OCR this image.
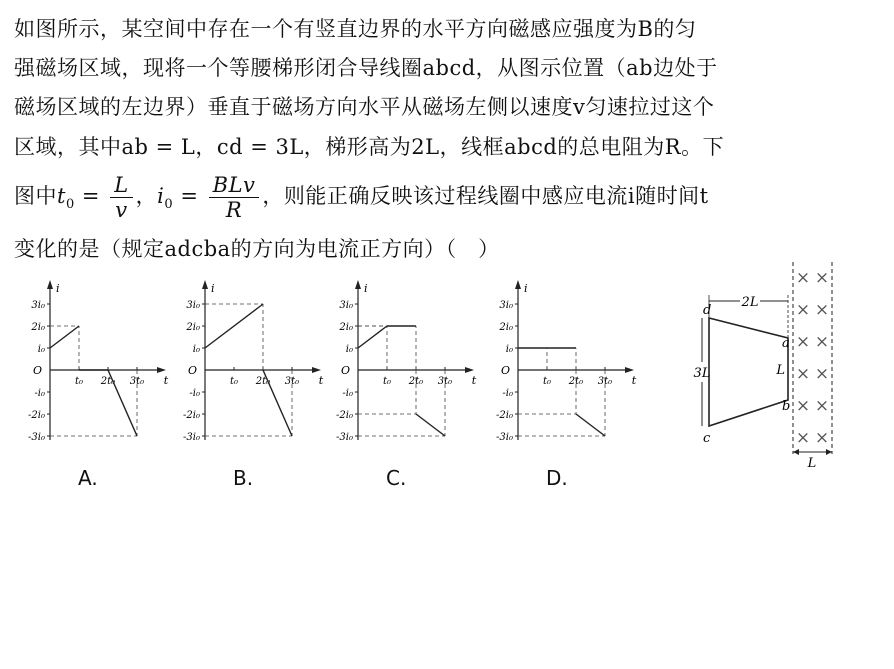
如图所示，某空间中存在一个有竖直边界的水平方向磁感应强度为B的匀
强磁场区域，现将一个等腰梯形闭合导线圈abcd，从图示位置（ab边处于
磁场区域的左边界）垂直于磁场方向水平从磁场左侧以速度v匀速拉过这个
区域，其中ab = L，cd = 3L，梯形高为2L，线框abcd的总电阻为R。下
图中$t_0 = \frac{L}{v}$ ，$i_0 = \frac{\text{BLv}}{R}$ ，则能正确反映该过程线圈中感应电流i随时间t
变化的是（规定adcba的方向为电流正方向）（　）
i
t
O
3i₀
2i₀
i₀
-i₀
-2i₀
-3i₀
t₀ 2t₀ 3t₀
i
t
O
3i₀
2i₀
i₀
-i₀
-2i₀
-3i₀
t₀ 2t₀ 3t₀
i
t
O
3i₀
2i₀
i₀
-i₀
-2i₀
-3i₀
t₀ 2t₀ 3t₀
i
t
O
3i₀
2i₀
i₀
-i₀
-2i₀
-3i₀
t₀ 2t₀ 3t₀
A.	B.	C.	D.
× ×
× ×
× ×
× ×
× ×
× ×
2L
3L	L
d
a
b
c
L
